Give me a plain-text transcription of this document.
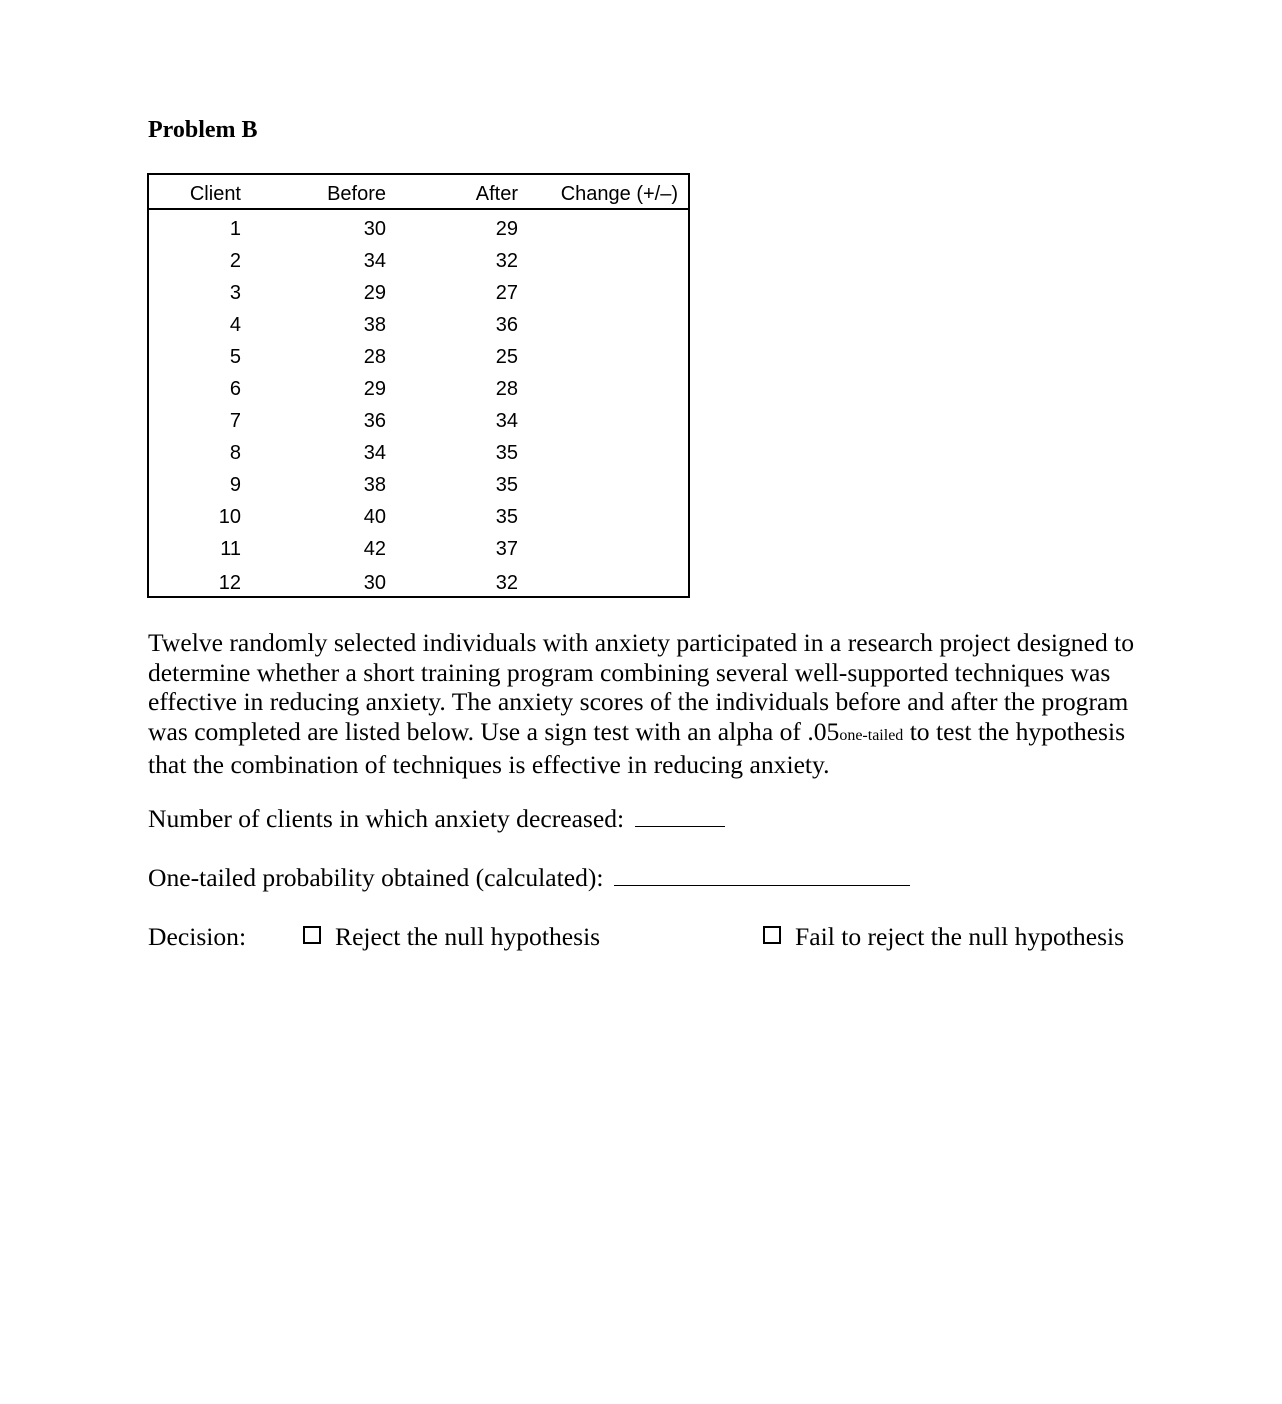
Problem B
Client	Before	After	Change (+/–)
1	30	29
2	34	32
3	29	27
4	38	36
5	28	25
6	29	28
7	36	34
8	34	35
9	38	35
10	40	35
11	42	37
12	30	32
Twelve randomly selected individuals with anxiety participated in a research project designed to determine whether a short training program combining several well-supported techniques was effective in reducing anxiety. The anxiety scores of the individuals before and after the program was completed are listed below. Use a sign test with an alpha of .05one-tailed to test the hypothesis that the combination of techniques is effective in reducing anxiety.
Number of clients in which anxiety decreased:
One-tailed probability obtained (calculated):
Decision:	Reject the null hypothesis	Fail to reject the null hypothesis
